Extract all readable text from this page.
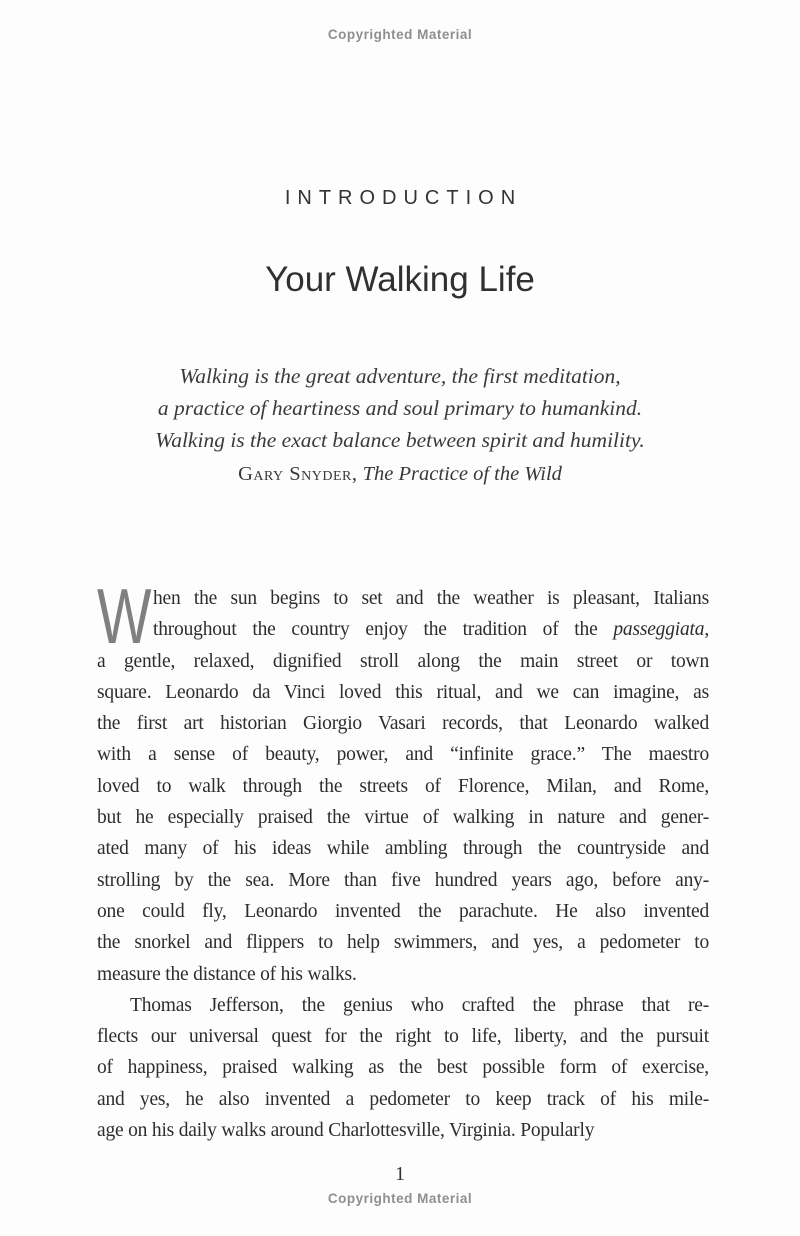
Copyrighted Material
INTRODUCTION
Your Walking Life
Walking is the great adventure, the first meditation,
a practice of heartiness and soul primary to humankind.
Walking is the exact balance between spirit and humility.
Gary Snyder, The Practice of the Wild
W hen the sun begins to set and the weather is pleasant, Italians
throughout the country enjoy the tradition of the passeggiata,
a gentle, relaxed, dignified stroll along the main street or town
square. Leonardo da Vinci loved this ritual, and we can imagine, as
the first art historian Giorgio Vasari records, that Leonardo walked
with a sense of beauty, power, and “infinite grace.” The maestro
loved to walk through the streets of Florence, Milan, and Rome,
but he especially praised the virtue of walking in nature and gener-
ated many of his ideas while ambling through the countryside and
strolling by the sea. More than five hundred years ago, before any-
one could fly, Leonardo invented the parachute. He also invented
the snorkel and flippers to help swimmers, and yes, a pedometer to
measure the distance of his walks.
Thomas Jefferson, the genius who crafted the phrase that re-
flects our universal quest for the right to life, liberty, and the pursuit
of happiness, praised walking as the best possible form of exercise,
and yes, he also invented a pedometer to keep track of his mile-
age on his daily walks around Charlottesville, Virginia. Popularly
1
Copyrighted Material
